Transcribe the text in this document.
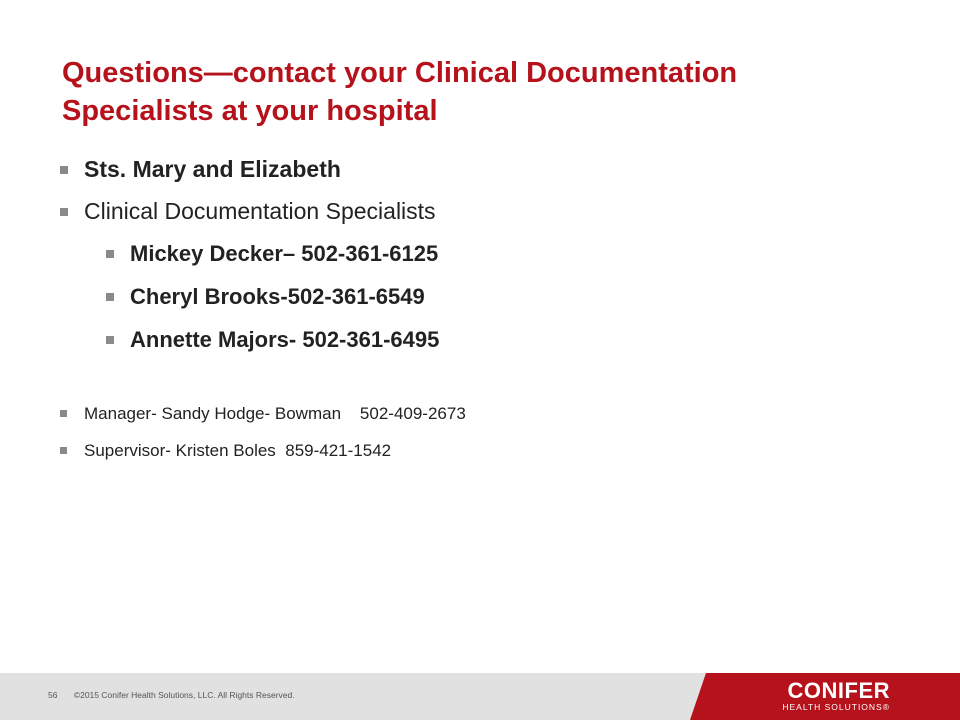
Questions—contact your Clinical Documentation
Specialists at your hospital
Sts. Mary and Elizabeth
Clinical Documentation Specialists
Mickey Decker– 502-361-6125
Cheryl Brooks-502-361-6549
Annette Majors- 502-361-6495
Manager- Sandy Hodge- Bowman    502-409-2673
Supervisor- Kristen Boles  859-421-1542
56 ©2015 Conifer Health Solutions, LLC. All Rights Reserved.	CONIFER
HEALTH SOLUTIONS®
